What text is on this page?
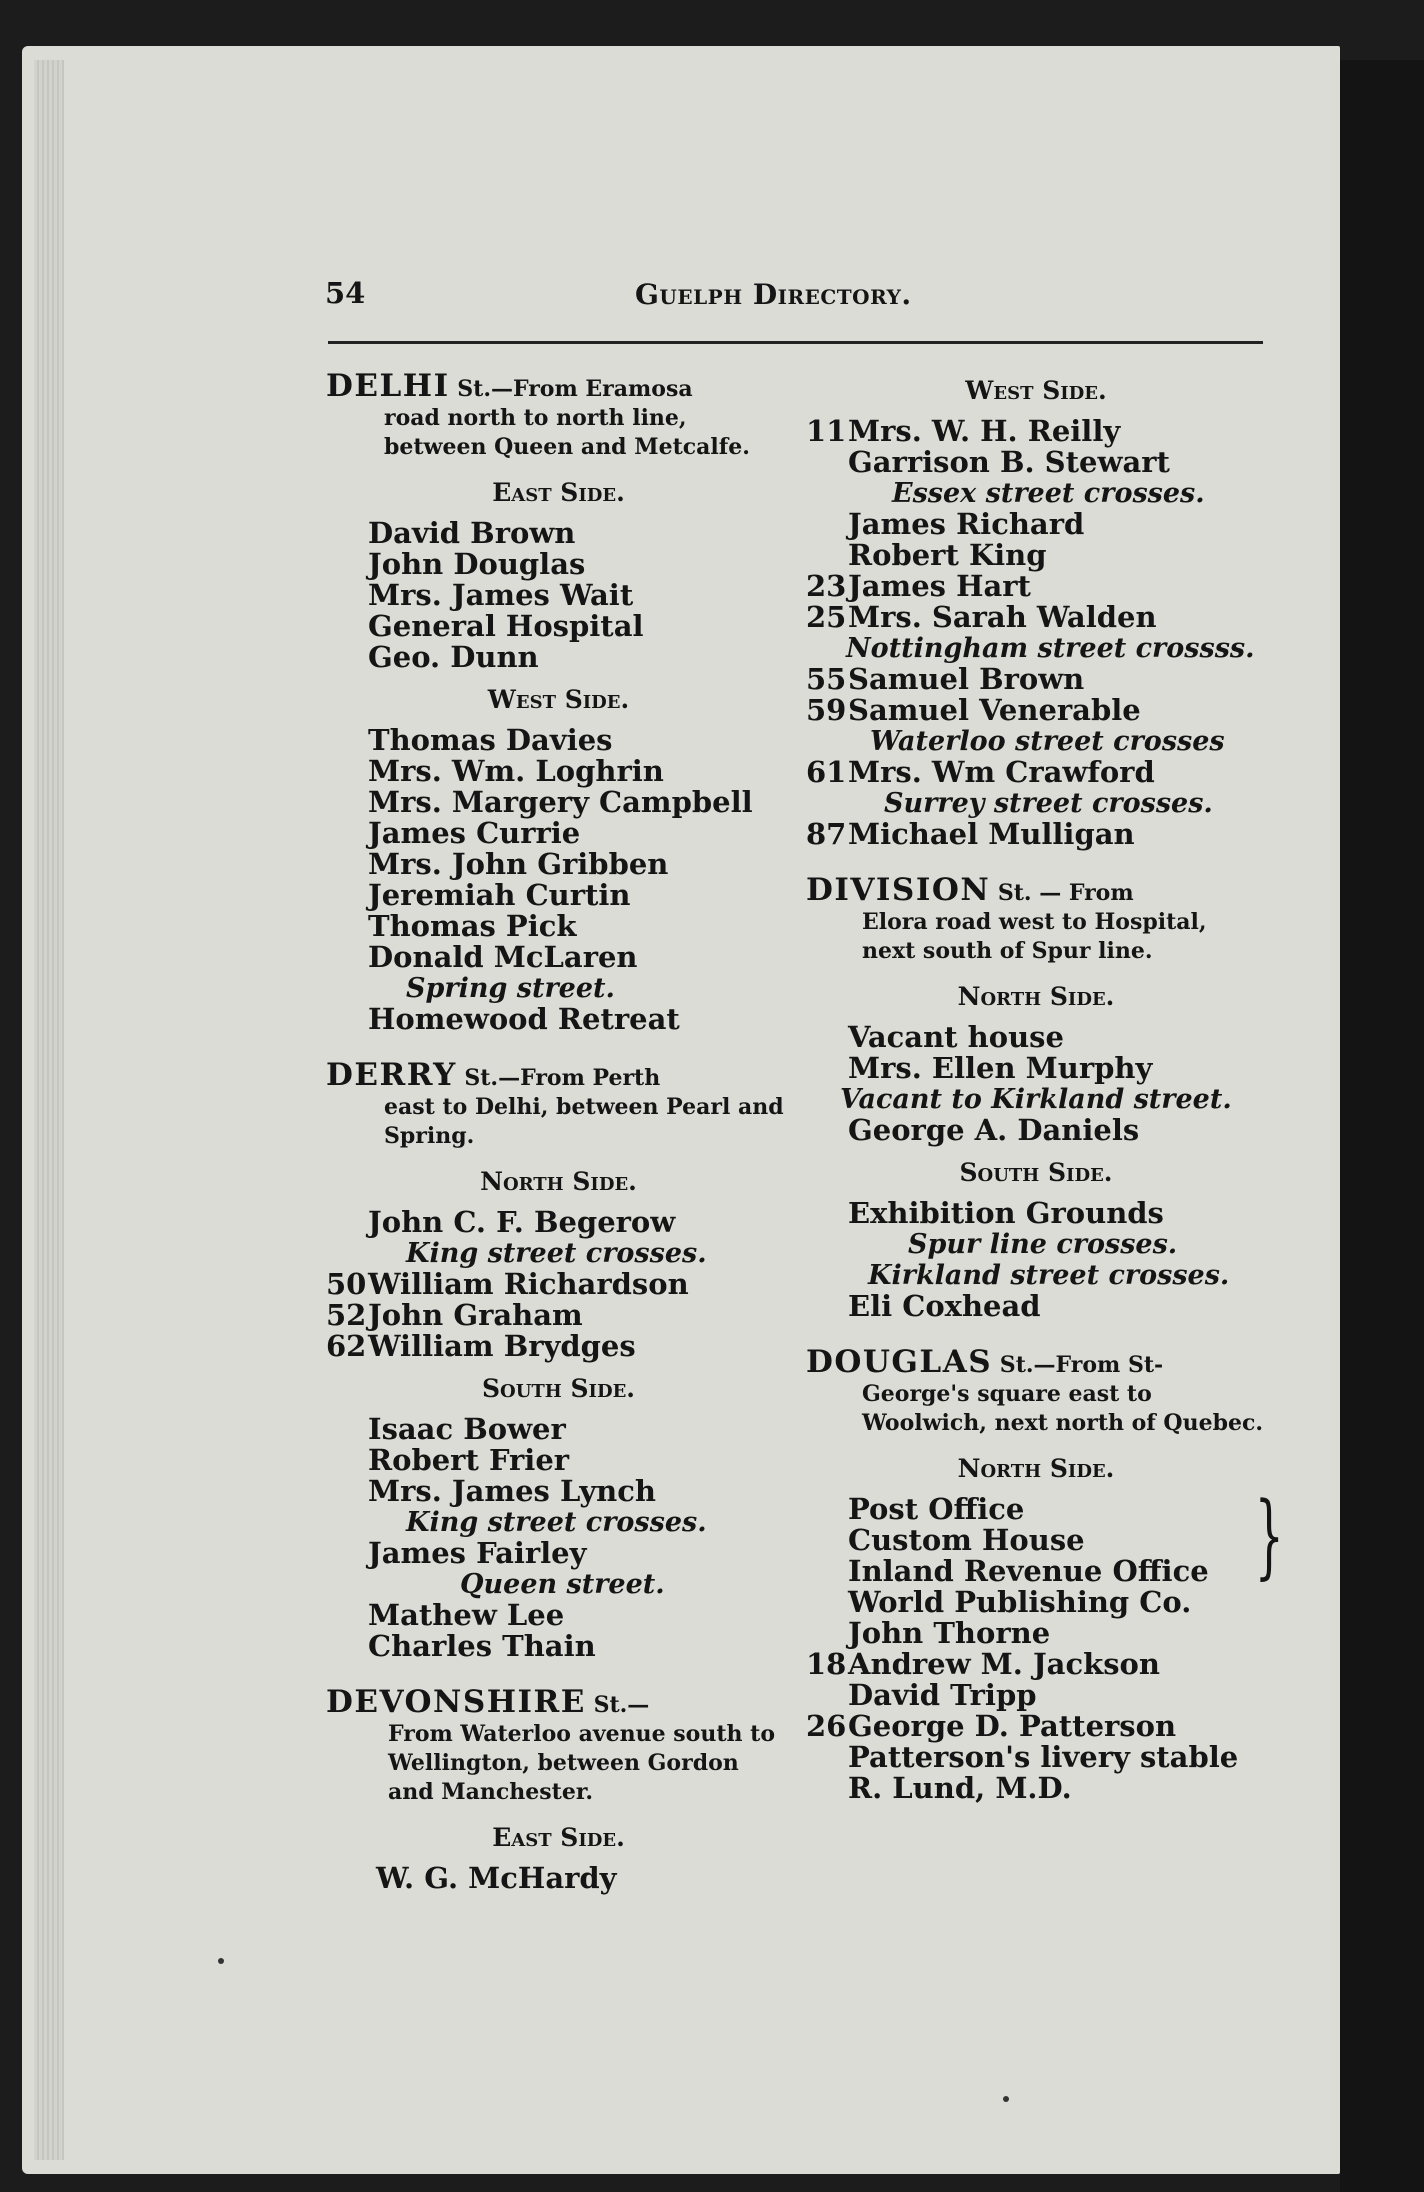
54	Guelph Directory.
DELHI St.—From Eramosa
road north to north line, between Queen and Metcalfe.
East Side.
David Brown
John Douglas
Mrs. James Wait
General Hospital
Geo. Dunn
West Side.
Thomas Davies
Mrs. Wm. Loghrin
Mrs. Margery Campbell
James Currie
Mrs. John Gribben
Jeremiah Curtin
Thomas Pick
Donald McLaren
Spring street.
Homewood Retreat
DERRY St.—From Perth
east to Delhi, between Pearl and Spring.
North Side.
John C. F. Begerow
King street crosses.
50 William Richardson
52 John Graham
62 William Brydges
South Side.
Isaac Bower
Robert Frier
Mrs. James Lynch
King street crosses.
James Fairley
Queen street.
Mathew Lee
Charles Thain
DEVONSHIRE St.—
From Waterloo avenue south to Wellington, between Gordon and Manchester.
East Side.
W. G. McHardy
West Side.
11 Mrs. W. H. Reilly
Garrison B. Stewart
Essex street crosses.
James Richard
Robert King
23 James Hart
25 Mrs. Sarah Walden
Nottingham street crossss.
55 Samuel Brown
59 Samuel Venerable
Waterloo street crosses
61 Mrs. Wm Crawford
Surrey street crosses.
87 Michael Mulligan
DIVISION St. — From
Elora road west to Hospital, next south of Spur line.
North Side.
Vacant house
Mrs. Ellen Murphy
Vacant to Kirkland street.
George A. Daniels
South Side.
Exhibition Grounds
Spur line crosses.
Kirkland street crosses.
Eli Coxhead
DOUGLAS St.—From St-
George's square east to Woolwich, next north of Quebec.
North Side.
Post Office
Custom House
Inland Revenue Office }
World Publishing Co.
John Thorne
18 Andrew M. Jackson
David Tripp
26 George D. Patterson
Patterson's livery stable
R. Lund, M.D.
